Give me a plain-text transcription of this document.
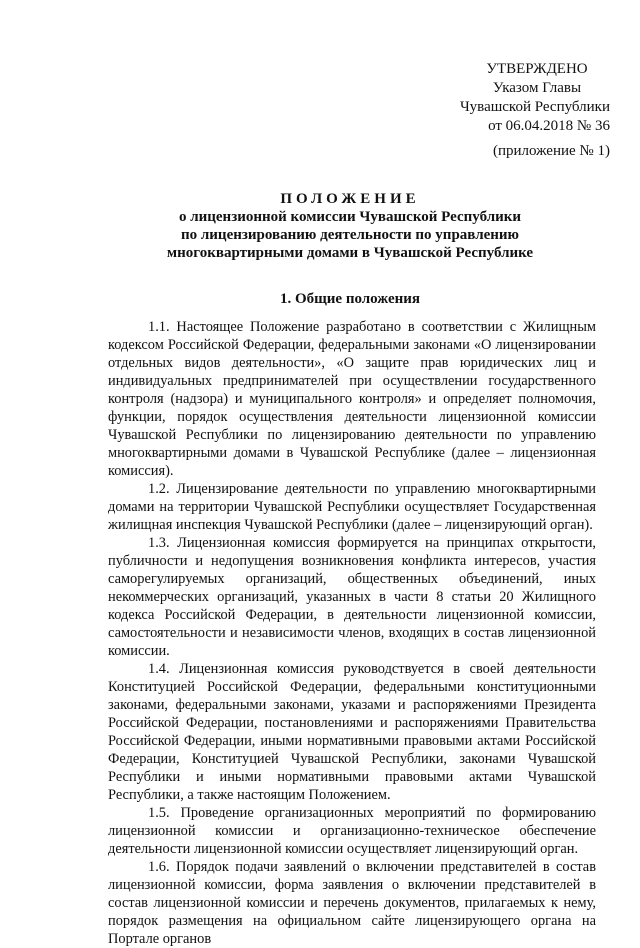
УТВЕРЖДЕНО
Указом Главы
Чувашской Республики
от 06.04.2018 № 36
(приложение № 1)
ПОЛОЖЕНИЕ
о лицензионной комиссии Чувашской Республики
по лицензированию деятельности по управлению
многоквартирными домами в Чувашской Республике
1. Общие положения

1.1. Настоящее Положение разработано в соответствии с Жилищным кодексом Российской Федерации, федеральными законами «О лицензировании отдельных видов деятельности», «О защите прав юридических лиц и индивидуальных предпринимателей при осуществлении государственного контроля (надзора) и муниципального контроля» и определяет полномочия, функции, порядок осуществления деятельности лицензионной комиссии Чувашской Республики по лицензированию деятельности по управлению многоквартирными домами в Чувашской Республике (далее – лицензионная комиссия).

1.2. Лицензирование деятельности по управлению многоквартирными домами на территории Чувашской Республики осуществляет Государственная жилищная инспекция Чувашской Республики (далее – лицензирующий орган).

1.3. Лицензионная комиссия формируется на принципах открытости, публичности и недопущения возникновения конфликта интересов, участия саморегулируемых организаций, общественных объединений, иных некоммерческих организаций, указанных в части 8 статьи 20 Жилищного кодекса Российской Федерации, в деятельности лицензионной комиссии, самостоятельности и независимости членов, входящих в состав лицензионной комиссии.

1.4. Лицензионная комиссия руководствуется в своей деятельности Конституцией Российской Федерации, федеральными конституционными законами, федеральными законами, указами и распоряжениями Президента Российской Федерации, постановлениями и распоряжениями Правительства Российской Федерации, иными нормативными правовыми актами Российской Федерации, Конституцией Чувашской Республики, законами Чувашской Республики и иными нормативными правовыми актами Чувашской Республики, а также настоящим Положением.

1.5. Проведение организационных мероприятий по формированию лицензионной комиссии и организационно-техническое обеспечение деятельности лицензионной комиссии осуществляет лицензирующий орган.

1.6. Порядок подачи заявлений о включении представителей в состав лицензионной комиссии, форма заявления о включении представителей в состав лицензионной комиссии и перечень документов, прилагаемых к нему, порядок размещения на официальном сайте лицензирующего органа на Портале органов
